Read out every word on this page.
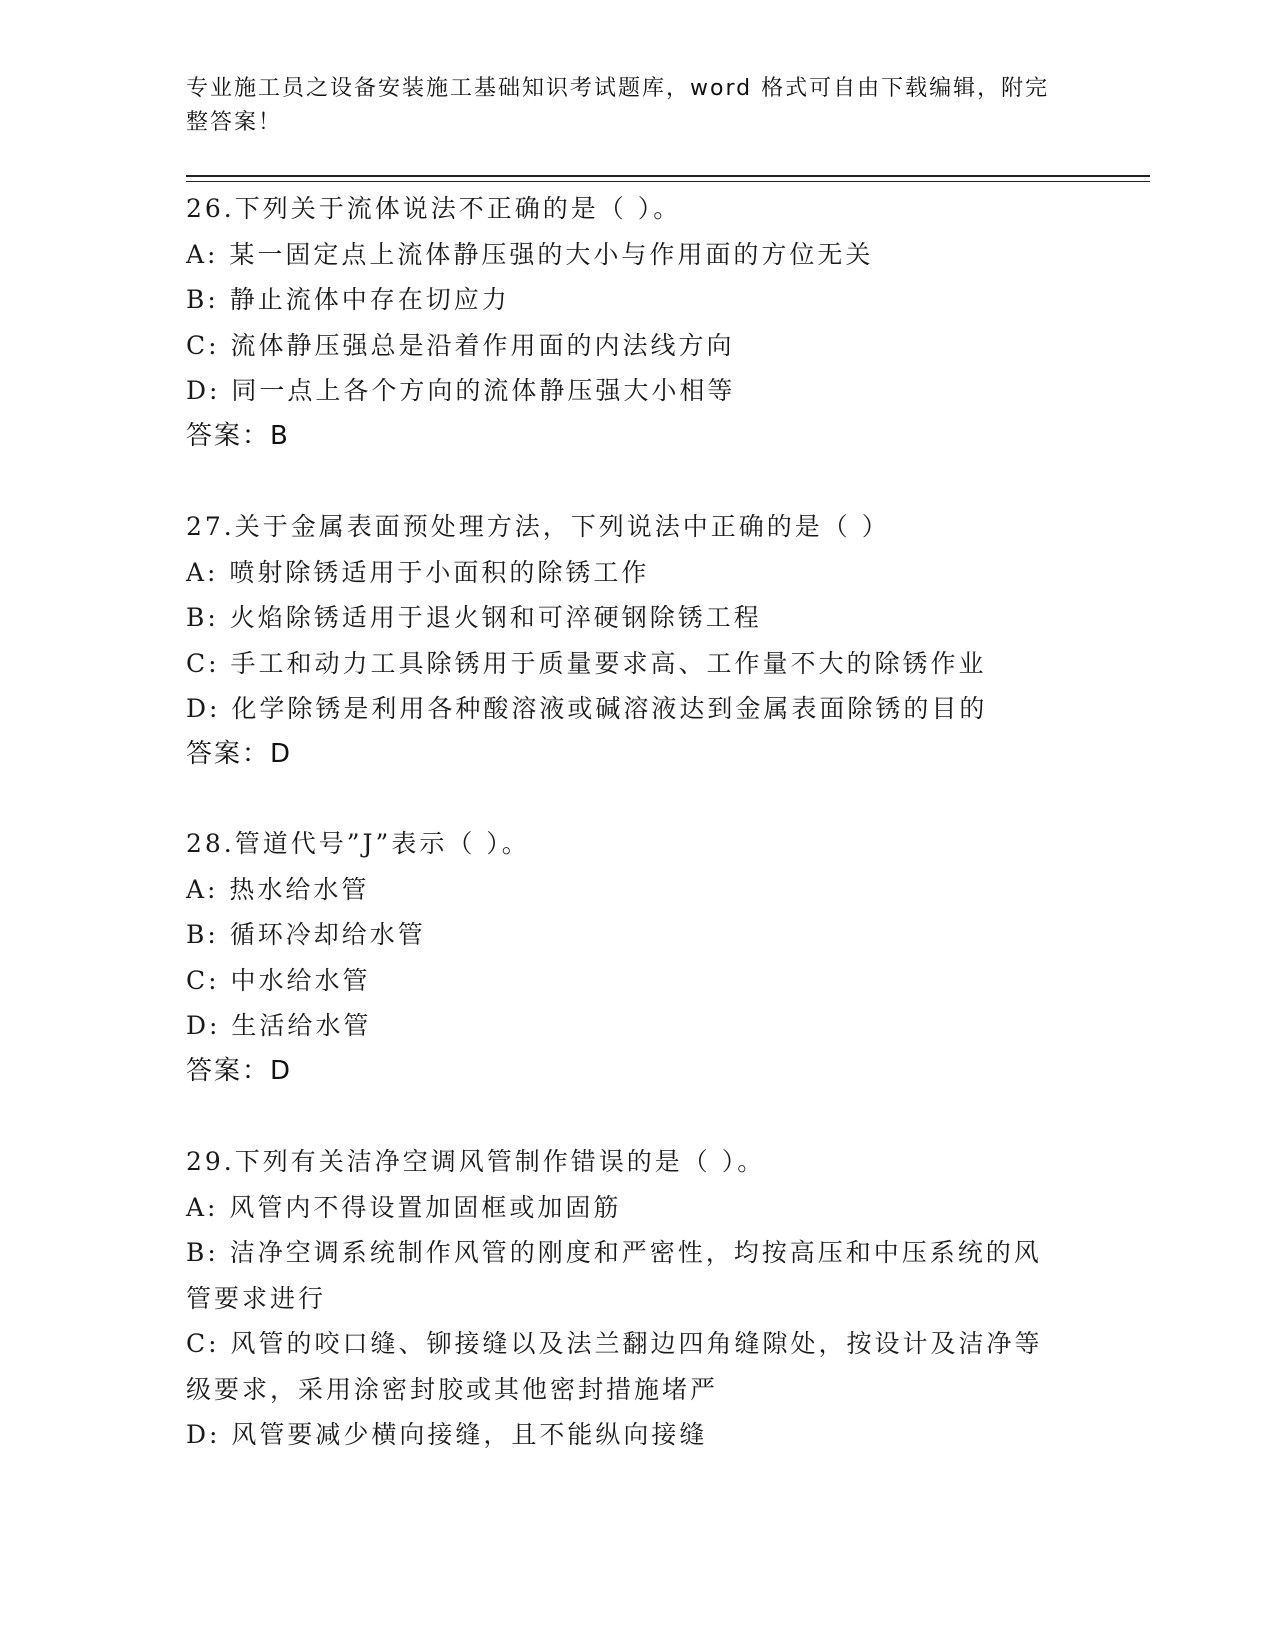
专业施工员之设备安装施工基础知识考试题库，word 格式可自由下载编辑，附完
整答案！
26.下列关于流体说法不正确的是（ ）。
A: 某一固定点上流体静压强的大小与作用面的方位无关
B: 静止流体中存在切应力
C: 流体静压强总是沿着作用面的内法线方向
D: 同一点上各个方向的流体静压强大小相等
答案：B
27.关于金属表面预处理方法，下列说法中正确的是（ ）
A: 喷射除锈适用于小面积的除锈工作
B: 火焰除锈适用于退火钢和可淬硬钢除锈工程
C: 手工和动力工具除锈用于质量要求高、工作量不大的除锈作业
D: 化学除锈是利用各种酸溶液或碱溶液达到金属表面除锈的目的
答案：D
28.管道代号”J”表示（ ）。
A: 热水给水管
B: 循环冷却给水管
C: 中水给水管
D: 生活给水管
答案：D
29.下列有关洁净空调风管制作错误的是（ ）。
A: 风管内不得设置加固框或加固筋
B: 洁净空调系统制作风管的刚度和严密性，均按高压和中压系统的风
管要求进行
C: 风管的咬口缝、铆接缝以及法兰翻边四角缝隙处，按设计及洁净等
级要求，采用涂密封胶或其他密封措施堵严
D: 风管要减少横向接缝，且不能纵向接缝
